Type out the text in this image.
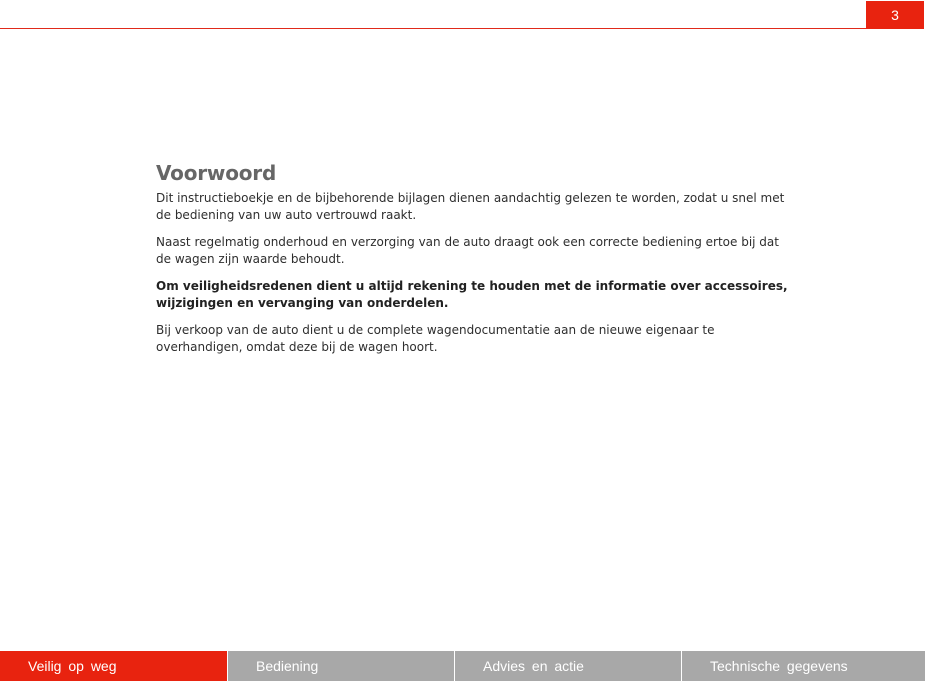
3
Voorwoord

Dit instructieboekje en de bijbehorende bijlagen dienen aandachtig gelezen te worden, zodat u snel met de bediening van uw auto vertrouwd raakt.

Naast regelmatig onderhoud en verzorging van de auto draagt ook een correcte bediening ertoe bij dat de wagen zijn waarde behoudt.

Om veiligheidsredenen dient u altijd rekening te houden met de informatie over accessoires, wijzigingen en vervanging van onderdelen.

Bij verkoop van de auto dient u de complete wagendocumentatie aan de nieuwe eigenaar te overhandigen, omdat deze bij de wagen hoort.

Veilig op weg	Bediening	Advies en actie	Technische gegevens
